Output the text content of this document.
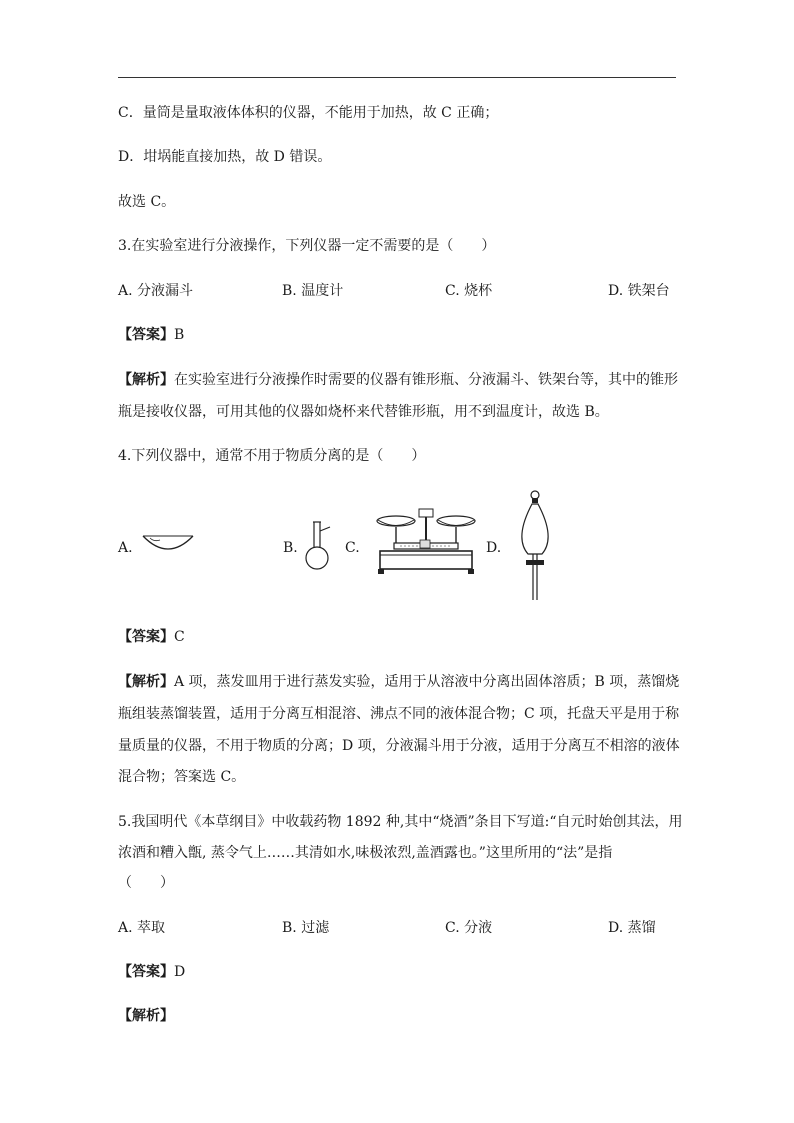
C．量筒是量取液体体积的仪器，不能用于加热，故 C 正确；
D．坩埚能直接加热，故 D 错误。
故选 C。
3.在实验室进行分液操作，下列仪器一定不需要的是（　　）
A. 分液漏斗	B. 温度计	C. 烧杯	D. 铁架台
【答案】B
【解析】在实验室进行分液操作时需要的仪器有锥形瓶、分液漏斗、铁架台等，其中的锥形
瓶是接收仪器，可用其他的仪器如烧杯来代替锥形瓶，用不到温度计，故选 B。
4.下列仪器中，通常不用于物质分离的是（　　）
A.	B.	C.	D.
【答案】C
【解析】A 项，蒸发皿用于进行蒸发实验，适用于从溶液中分离出固体溶质；B 项，蒸馏烧
瓶组装蒸馏装置，适用于分离互相混溶、沸点不同的液体混合物；C 项，托盘天平是用于称
量质量的仪器，不用于物质的分离；D 项，分液漏斗用于分液，适用于分离互不相溶的液体
混合物；答案选 C。
5.我国明代《本草纲目》中收载药物 1892 种,其中“烧酒”条目下写道:“自元时始创其法，用
浓酒和糟入甑, 蒸令气上……其清如水,味极浓烈,盖酒露也。”这里所用的“法”是指
（　　）
A. 萃取	B. 过滤	C. 分液	D. 蒸馏
【答案】D
【解析】
